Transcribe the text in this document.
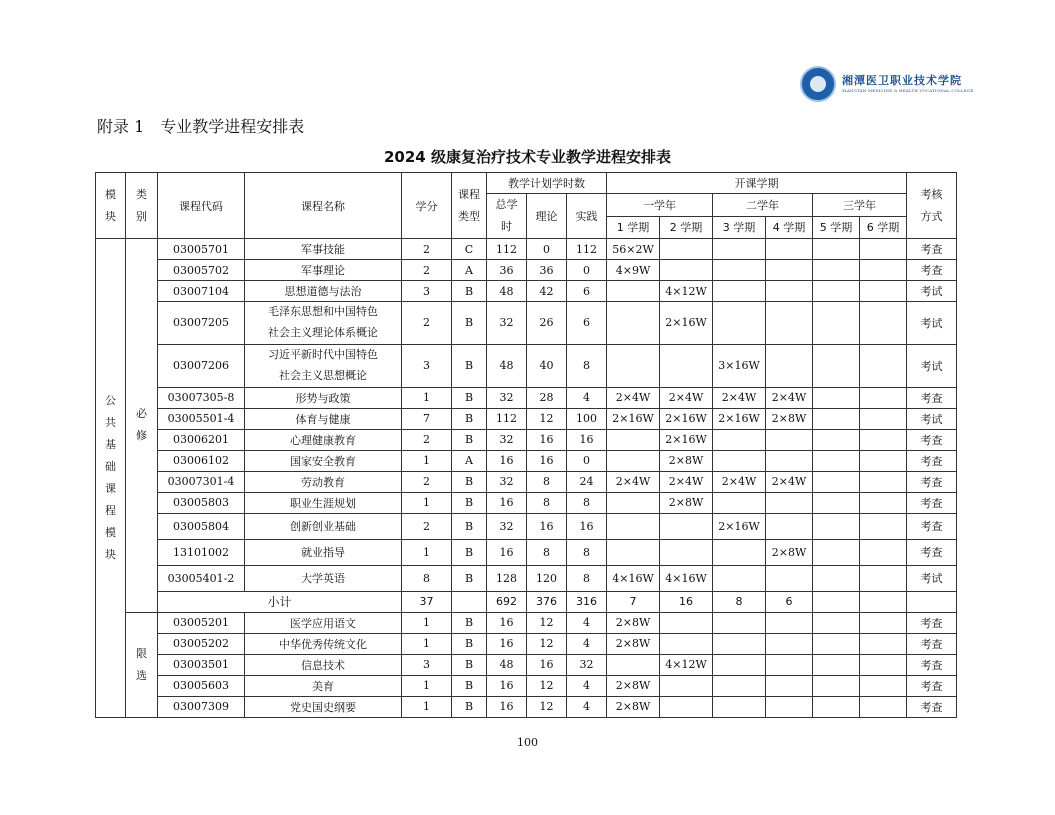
湘潭医卫职业技术学院
XIANGTAN MEDICINE & HEALTH VOCATIONAL COLLEGE
附录 1　专业教学进程安排表
2024 级康复治疗技术专业教学进程安排表
模块	类别	课程代码	课程名称	学分	课程类型	教学计划学时数			开课学期						考核方式

						总学时	理论	实践	一学年		二学年		三学年		
									1 学期	2 学期	3 学期	4 学期	5 学期	6 学期	

公共基础课程模块	必修	03005701	军事技能	2	C	112	0	112	56×2W						考查
		03005702	军事理论	2	A	36	36	0	4×9W						考查
		03007104	思想道德与法治	3	B	48	42	6		4×12W					考试
		03007205	毛泽东思想和中国特色
社会主义理论体系概论	2	B	32	26	6		2×16W					考试
		03007206	习近平新时代中国特色
社会主义思想概论	3	B	48	40	8			3×16W				考试
		03007305-8	形势与政策	1	B	32	28	4	2×4W	2×4W	2×4W	2×4W			考查
		03005501-4	体育与健康	7	B	112	12	100	2×16W	2×16W	2×16W	2×8W			考试
		03006201	心理健康教育	2	B	32	16	16		2×16W					考查
		03006102	国家安全教育	1	A	16	16	0		2×8W					考查
		03007301-4	劳动教育	2	B	32	8	24	2×4W	2×4W	2×4W	2×4W			考查
		03005803	职业生涯规划	1	B	16	8	8		2×8W					考查
		03005804	创新创业基础	2	B	32	16	16			2×16W				考查
		13101002	就业指导	1	B	16	8	8				2×8W			考查
		03005401-2	大学英语	8	B	128	120	8	4×16W	4×16W					考试
		小计		37		692	376	316	7	16	8	6			

	限选	03005201	医学应用语文	1	B	16	12	4	2×8W						考查
		03005202	中华优秀传统文化	1	B	16	12	4	2×8W						考查
		03003501	信息技术	3	B	48	16	32		4×12W					考查
		03005603	美育	1	B	16	12	4	2×8W						考查
		03007309	党史国史纲要	1	B	16	12	4	2×8W						考查
100
